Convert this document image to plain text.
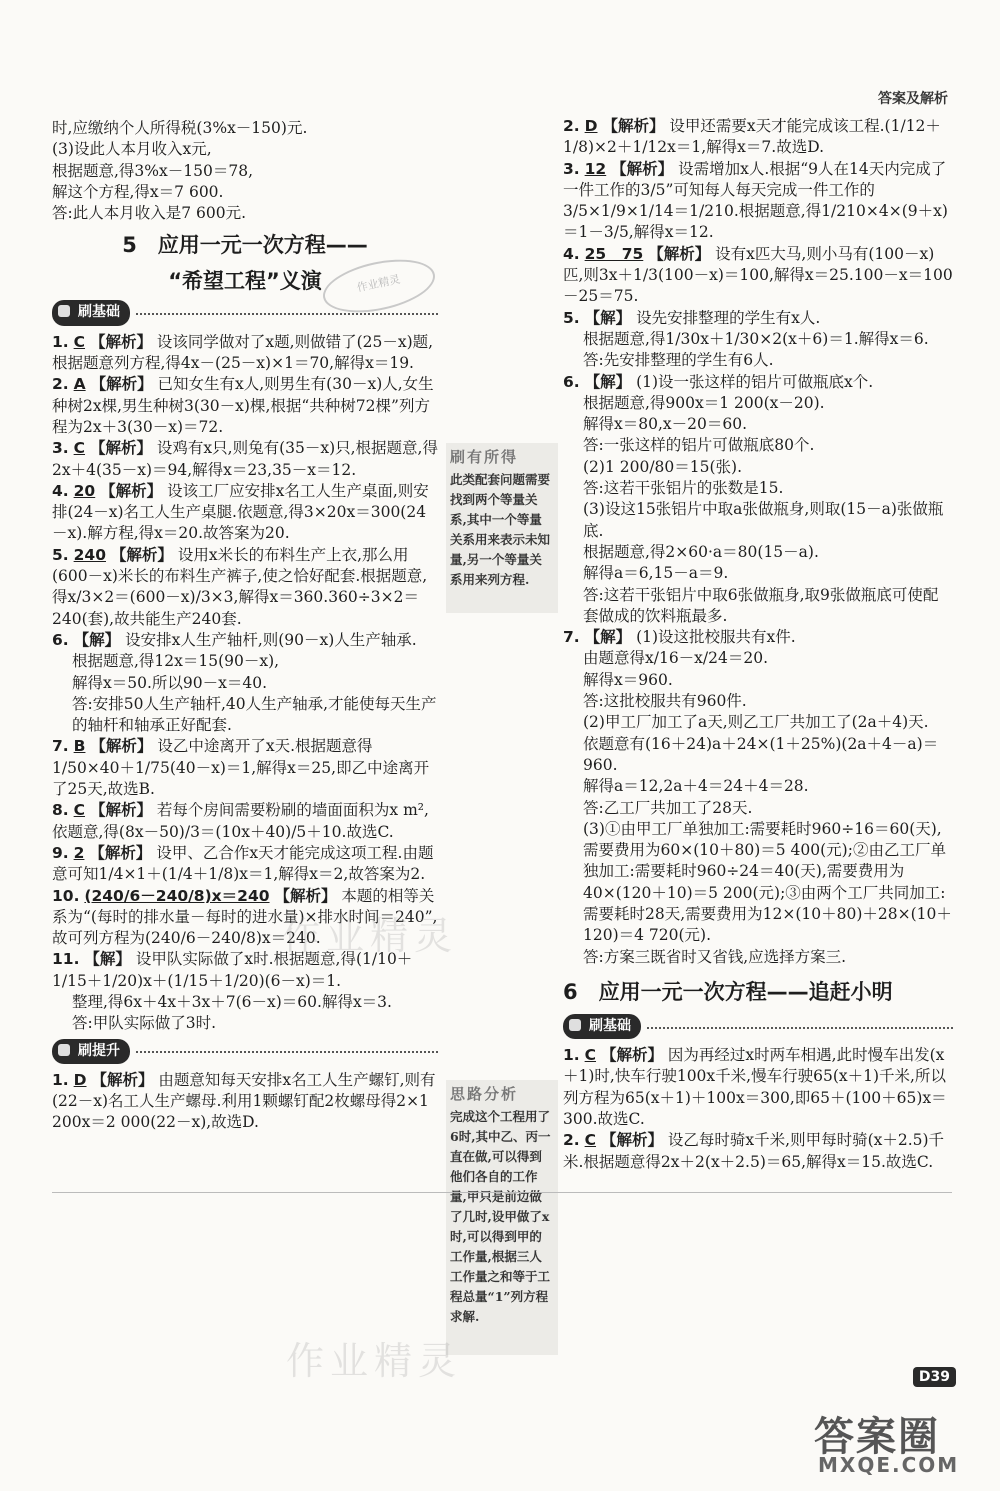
答案及解析

时,应缴纳个人所得税(3%x－150)元.

(3)设此人本月收入x元,

根据题意,得3%x－150＝78,

解这个方程,得x＝7 600.

答:此人本月收入是7 600元.

5　应用一元一次方程——
“希望工程”义演
刷基础

1. C 【解析】 设该同学做对了x题,则做错了(25－x)题,根据题意列方程,得4x－(25－x)×1＝70,解得x＝19.

2. A 【解析】 已知女生有x人,则男生有(30－x)人,女生种树2x棵,男生种树3(30－x)棵,根据“共种树72棵”列方程为2x＋3(30－x)＝72.

3. C 【解析】 设鸡有x只,则兔有(35－x)只,根据题意,得2x＋4(35－x)＝94,解得x＝23,35－x＝12.

4. 20 【解析】 设该工厂应安排x名工人生产桌面,则安排(24－x)名工人生产桌腿.依题意,得3×20x＝300(24－x).解方程,得x＝20.故答案为20.

5. 240 【解析】 设用x米长的布料生产上衣,那么用(600－x)米长的布料生产裤子,使之恰好配套.根据题意,得x/3×2＝(600－x)/3×3,解得x＝360.360÷3×2＝240(套),故共能生产240套.

6. 【解】 设安排x人生产轴杆,则(90－x)人生产轴承.

根据题意,得12x＝15(90－x),

解得x＝50.所以90－x＝40.

答:安排50人生产轴杆,40人生产轴承,才能使每天生产的轴杆和轴承正好配套.

7. B 【解析】 设乙中途离开了x天.根据题意得1/50×40＋1/75(40－x)＝1,解得x＝25,即乙中途离开了25天,故选B.

8. C 【解析】 若每个房间需要粉刷的墙面面积为x m²,依题意,得(8x－50)/3＝(10x＋40)/5＋10.故选C.

9. 2 【解析】 设甲、乙合作x天才能完成这项工程.由题意可知1/4×1＋(1/4＋1/8)x＝1,解得x＝2,故答案为2.

10. (240/6－240/8)x＝240 【解析】 本题的相等关系为“(每时的排水量－每时的进水量)×排水时间＝240”,故可列方程为(240/6－240/8)x＝240.

11. 【解】 设甲队实际做了x时.根据题意,得(1/10＋1/15＋1/20)x＋(1/15＋1/20)(6－x)＝1.

整理,得6x＋4x＋3x＋7(6－x)＝60.解得x＝3.

答:甲队实际做了3时.

刷提升

1. D 【解析】 由题意知每天安排x名工人生产螺钉,则有(22－x)名工人生产螺母.利用1颗螺钉配2枚螺母得2×1 200x＝2 000(22－x),故选D.

2. D 【解析】 设甲还需要x天才能完成该工程.(1/12＋1/8)×2＋1/12x＝1,解得x＝7.故选D.

3. 12 【解析】 设需增加x人.根据“9人在14天内完成了一件工作的3/5”可知每人每天完成一件工作的3/5×1/9×1/14＝1/210.根据题意,得1/210×4×(9＋x)＝1－3/5,解得x＝12.

4. 25　75 【解析】 设有x匹大马,则小马有(100－x)匹,则3x＋1/3(100－x)＝100,解得x＝25.100－x＝100－25＝75.

5. 【解】 设先安排整理的学生有x人.

根据题意,得1/30x＋1/30×2(x＋6)＝1.解得x＝6.

答:先安排整理的学生有6人.

6. 【解】 (1)设一张这样的铝片可做瓶底x个.

根据题意,得900x＝1 200(x－20).

解得x＝80,x－20＝60.

答:一张这样的铝片可做瓶底80个.

(2)1 200/80＝15(张).

答:这若干张铝片的张数是15.

(3)设这15张铝片中取a张做瓶身,则取(15－a)张做瓶底.

根据题意,得2×60·a＝80(15－a).

解得a＝6,15－a＝9.

答:这若干张铝片中取6张做瓶身,取9张做瓶底可使配套做成的饮料瓶最多.

7. 【解】 (1)设这批校服共有x件.

由题意得x/16－x/24＝20.

解得x＝960.

答:这批校服共有960件.

(2)甲工厂加工了a天,则乙工厂共加工了(2a＋4)天.

依题意有(16＋24)a＋24×(1＋25%)(2a＋4－a)＝960.

解得a＝12,2a＋4＝24＋4＝28.

答:乙工厂共加工了28天.

(3)①由甲工厂单独加工:需要耗时960÷16＝60(天),需要费用为60×(10＋80)＝5 400(元);②由乙工厂单独加工:需要耗时960÷24＝40(天),需要费用为40×(120＋10)＝5 200(元);③由两个工厂共同加工:需要耗时28天,需要费用为12×(10＋80)＋28×(10＋120)＝4 720(元).

答:方案三既省时又省钱,应选择方案三.

6　应用一元一次方程——追赶小明
刷基础

1. C 【解析】 因为再经过x时两车相遇,此时慢车出发(x＋1)时,快车行驶100x千米,慢车行驶65(x＋1)千米,所以列方程为65(x＋1)＋100x＝300,即65＋(100＋65)x＝300.故选C.

2. C 【解析】 设乙每时骑x千米,则甲每时骑(x＋2.5)千米.根据题意得2x＋2(x＋2.5)＝65,解得x＝15.故选C.

刷有所得
此类配套问题需要找到两个等量关系,其中一个等量关系用来表示未知量,另一个等量关系用来列方程.
思路分析
完成这个工程用了6时,其中乙、丙一直在做,可以得到他们各自的工作量,甲只是前边做了几时,设甲做了x时,可以得到甲的工作量,根据三人工作量之和等于工程总量“1”列方程求解.
作业精灵
作业精灵
作业精灵	D39
答案圈
MXQE.COM
